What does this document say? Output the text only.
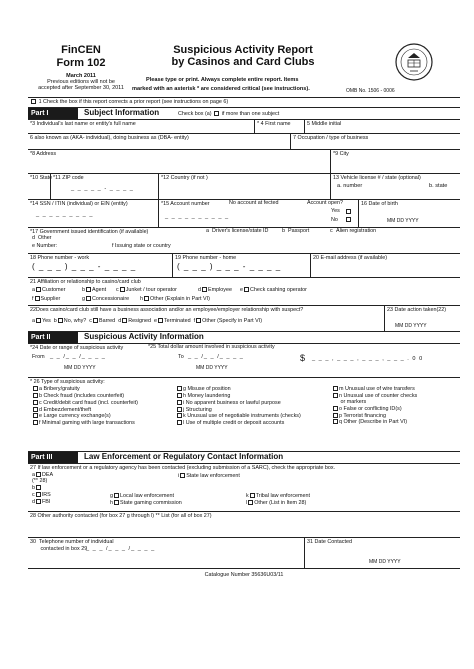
FinCEN
Form 102
March 2011
Previous editions will not be
accepted after September 30, 2011
Suspicious Activity Report
by Casinos and Card Clubs
Please type or print. Always complete entire report. Items
marked with an asterisk * are considered critical (see instructions).	OMB No. 1506 - 0006
1 Check the box if this report corrects a prior report (see instructions on page 6)
Part I	Subject Information	Check box (a) if more than one subject
*3 Individual's last name or entity's full name	* 4 First name	5 Middle initial
6 also known as (AKA- individual), doing business as (DBA- entity)	7 Occupation / type of business
*8 Address	*9 City
*10 State *11 ZIP code
_ _ _ _ _ - _ _ _ _
*12 Country (if not )	13 Vehicle license # / state (optional)
a. number	b. state
*14 SSN / ITIN (individual) or EIN (entity)
_ _ _ _ _ _ _ _ _
*15 Account number	No account at fected	Account open?
Yes
No
_ _ _ _ _ _ _ _ _ _
16 Date of birth
MM DD YYYY
*17 Government issued identification (if available)	a Driver's license/state ID	b Passport	c Alien registration
d Other
e Number:	f Issuing state or country
18 Phone number - work
( _ _ _ ) _ _ _ - _ _ _ _
19 Phone number - home
( _ _ _ ) _ _ _ - _ _ _ _
20 E-mail address (if available)
21 Affiliation or relationship to casino/card club
a Customer	b Agent c Junket / tour operator	d Employee e Check cashing operator
f Supplier	g Concessionaire h Other (Explain in Part VI)
22Does casino/card club still have a business association and/or an employee/employer relationship with suspect?
a Yes b No, why? c Barred d Resigned e Terminated f Other (Specify in Part VI)
23 Date action taken(22)
MM DD YYYY
Part II	Suspicious Activity Information
*24 Date or range of suspicious activity	*25 Total dollar amount involved in suspicious activity
From _ _ /_ _ /_ _ _ _	To _ _ /_ _ /_ _ _ _
MM DD YYYY	MM DD YYYY
$ _ _ _ , _ _ _ , _ _ _ , _ _ _ . 0 0
* 26 Type of suspicious activity:
a Bribery/gratuity
b Check fraud (includes counterfeit)
c Credit/debit card fraud (incl. counterfeit)
d Embezzlement/theft
e Large currency exchange(s)
f Minimal gaming with large transactions
g Misuse of position
h Money laundering
i No apparent business or lawful purpose
j Structuring
k Unusual use of negotiable instruments (checks)
l Use of multiple credit or deposit accounts
m Unusual use of wire transfers
n Unusual use of counter checks
or markers
o False or conflicting ID(s)
p Terrorist financing
q Other (Describe in Part VI)
Part III	Law Enforcement or Regulatory Contact Information
27 If law enforcement or a regulatory agency has been contacted (excluding submission of a SARC), check the appropriate box.
a DEA
(** 28)
b
c IRS
d FBI
i State law enforcement
g Local law enforcement
h State gaming commission
k Tribal law enforcement
l Other (List in Item 28)
28 Other authority contacted (for box 27 g through l) ** List (for all of box 27)
30  Telephone number of individual
contacted in box 29
_ _ _ /_ _ _ /_ _ _ _
31 Date Contacted
MM DD YYYY
Catalogue Number 35636U03/11
